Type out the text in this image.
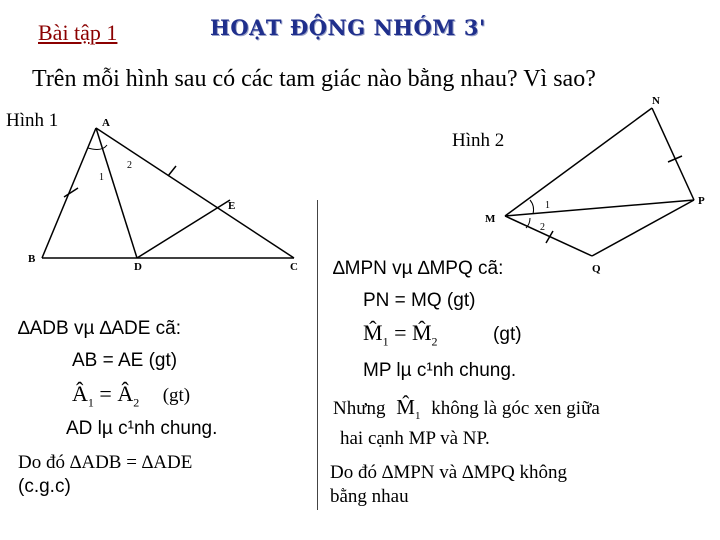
Bài tập 1	HOẠT ĐỘNG NHÓM 3'
Trên mỗi hình sau có các tam giác nào bằng nhau? Vì sao?
Hình 1
Hình 2
A
B
C
D
E
1
2
N
M
P
Q
1
2
∆ADB vµ ∆ADE cã:
AB = AE (gt)
$Â_1$ = $Â_2$ (gt)
AD lµ c¹nh chung.
Do đó ∆ADB = ∆ADE
(c.g.c)
∆MPN vµ ∆MPQ cã:
PN = MQ (gt)
$M̂_1$ = $M̂_2$	(gt)
MP lµ c¹nh chung.
Nhưng $M̂_1$ không là góc xen giữa
hai cạnh MP và NP.
Do đó ∆MPN và ∆MPQ không
bằng nhau
